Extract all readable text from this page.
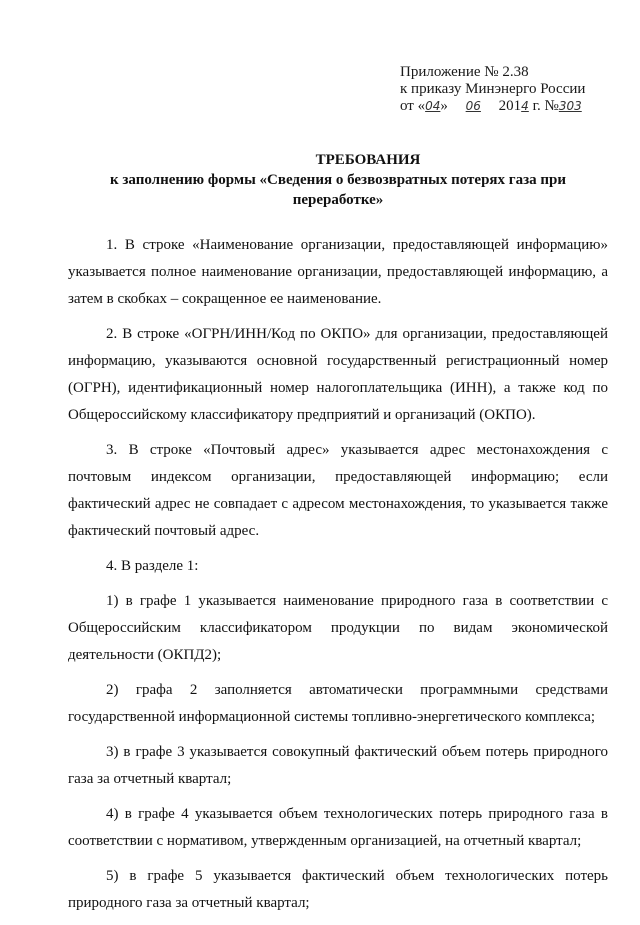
Приложение № 2.38
к приказу Минэнерго России
от «04» 06 2014 г. №303
ТРЕБОВАНИЯ
к заполнению формы «Сведения о безвозвратных потерях газа при
переработке»

1. В строке «Наименование организации, предоставляющей информацию» указывается полное наименование организации, предоставляющей информацию, а затем в скобках – сокращенное ее наименование.

2. В строке «ОГРН/ИНН/Код по ОКПО» для организации, предоставляющей информацию, указываются основной государственный регистрационный номер (ОГРН), идентификационный номер налогоплательщика (ИНН), а также код по Общероссийскому классификатору предприятий и организаций (ОКПО).

3. В строке «Почтовый адрес» указывается адрес местонахождения с почтовым индексом организации, предоставляющей информацию; если фактический адрес не совпадает с адресом местонахождения, то указывается также фактический почтовый адрес.

4. В разделе 1:

1) в графе 1 указывается наименование природного газа в соответствии с Общероссийским классификатором продукции по видам экономической деятельности (ОКПД2);

2) графа 2 заполняется автоматически программными средствами государственной информационной системы топливно-энергетического комплекса;

3) в графе 3 указывается совокупный фактический объем потерь природного газа за отчетный квартал;

4) в графе 4 указывается объем технологических потерь природного газа в соответствии с нормативом, утвержденным организацией, на отчетный квартал;

5) в графе 5 указывается фактический объем технологических потерь природного газа за отчетный квартал;
